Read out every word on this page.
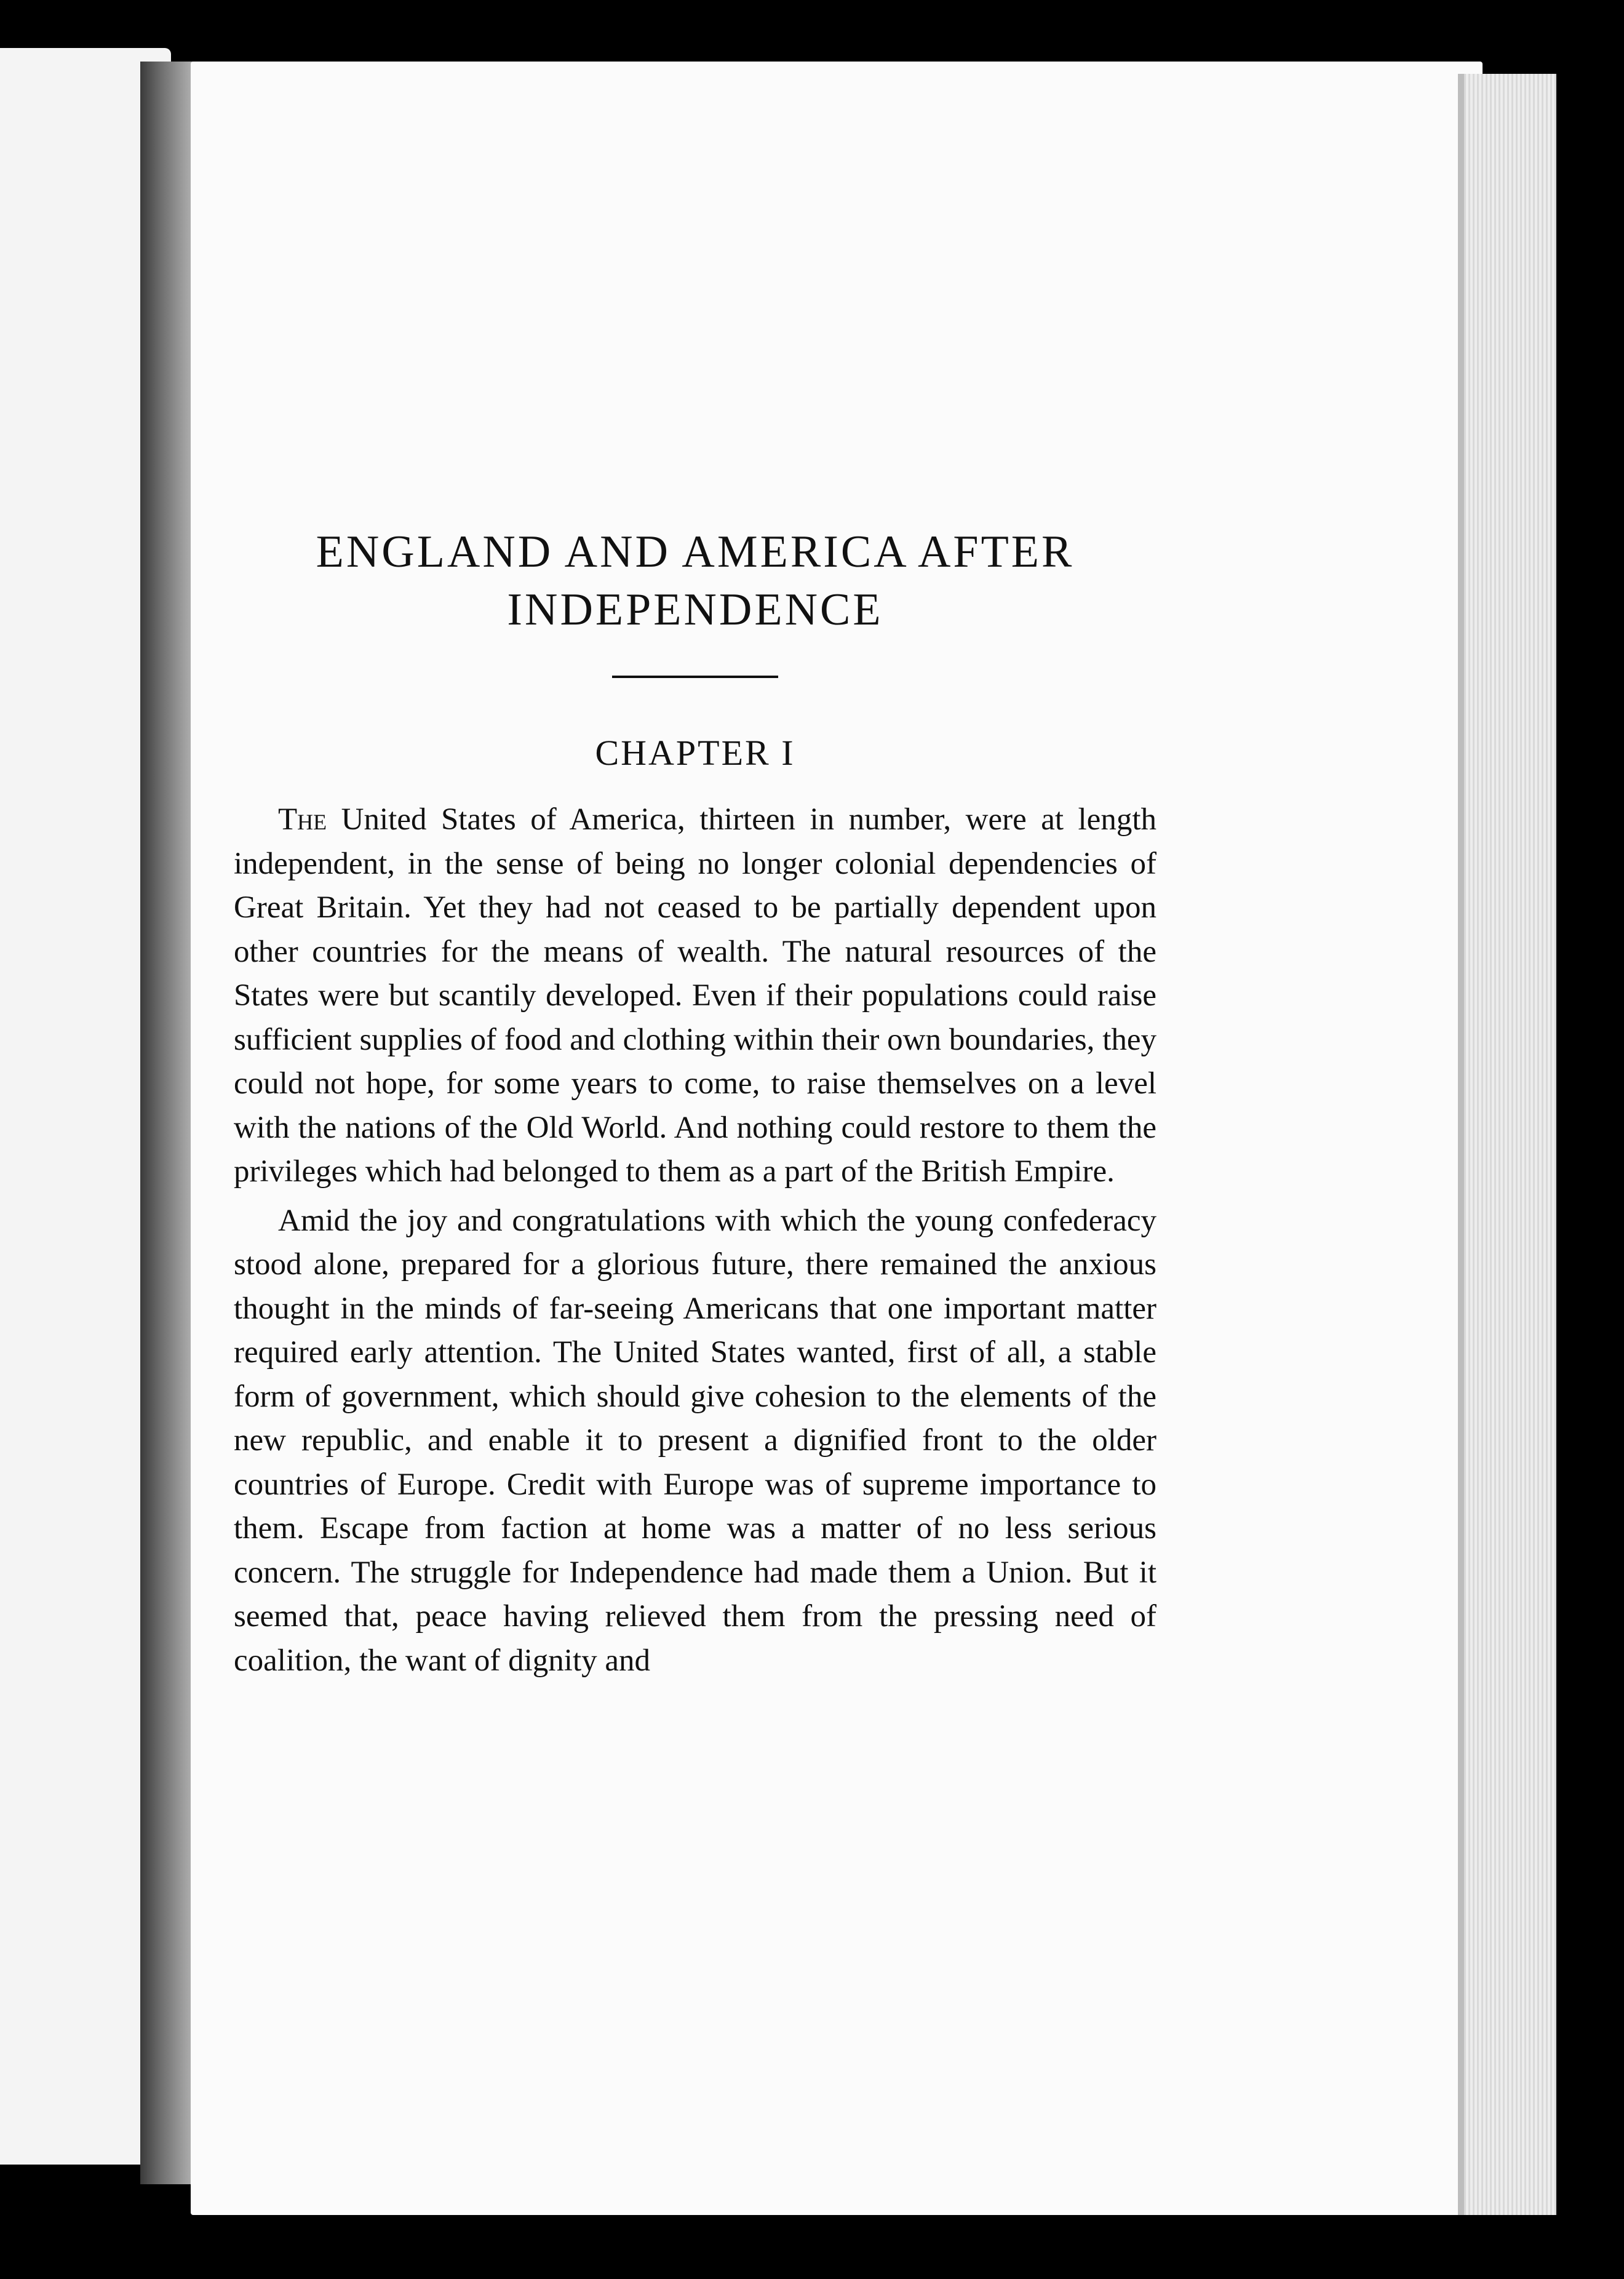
ENGLAND AND AMERICA AFTER INDEPENDENCE
CHAPTER I

The United States of America, thirteen in number, were at length independent, in the sense of being no longer colonial dependencies of Great Britain. Yet they had not ceased to be partially dependent upon other countries for the means of wealth. The natural resources of the States were but scantily developed. Even if their populations could raise sufficient supplies of food and clothing within their own boundaries, they could not hope, for some years to come, to raise themselves on a level with the nations of the Old World. And nothing could restore to them the privileges which had belonged to them as a part of the British Empire.

Amid the joy and congratulations with which the young confederacy stood alone, prepared for a glorious future, there remained the anxious thought in the minds of far-seeing Americans that one important matter required early attention. The United States wanted, first of all, a stable form of government, which should give cohesion to the elements of the new republic, and enable it to present a dignified front to the older countries of Europe. Credit with Europe was of supreme importance to them. Escape from faction at home was a matter of no less serious concern. The struggle for Independence had made them a Union. But it seemed that, peace having relieved them from the pressing need of coalition, the want of dignity and
